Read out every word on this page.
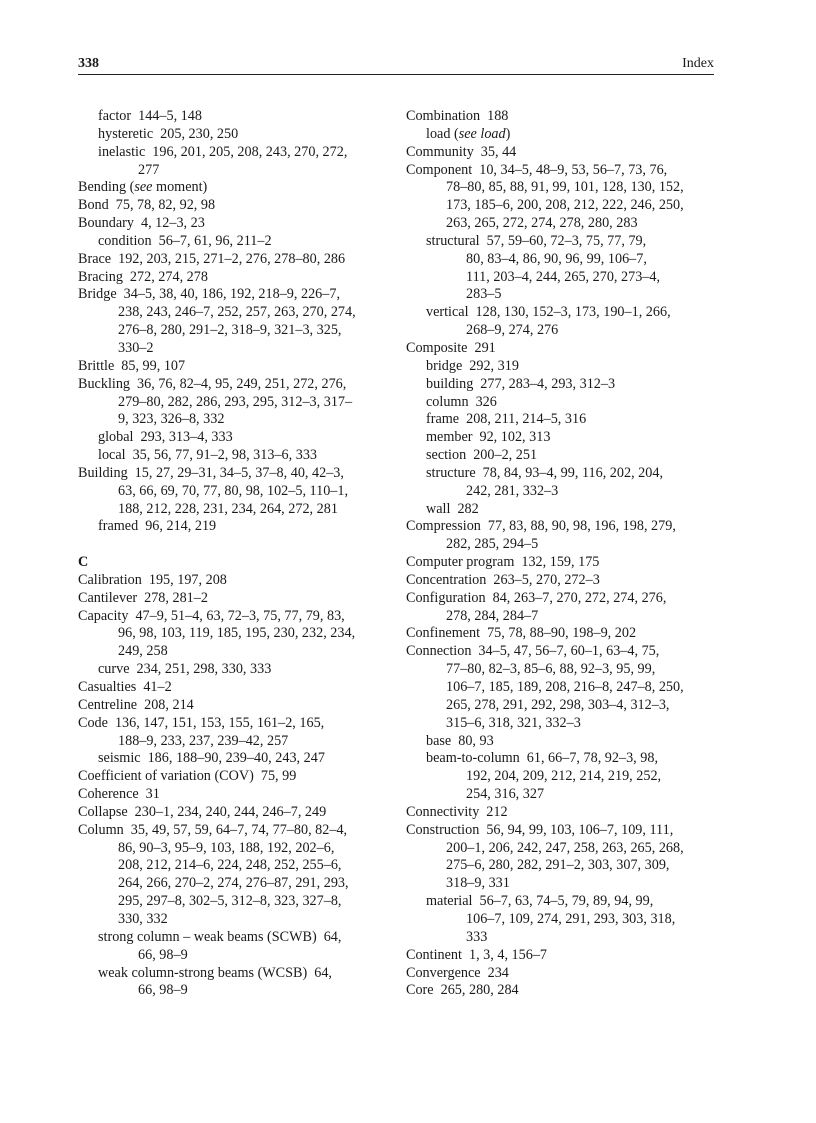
338	Index
factor 144–5, 148
hysteretic 205, 230, 250
inelastic 196, 201, 205, 208, 243, 270, 272,
277
Bending (see moment)
Bond 75, 78, 82, 92, 98
Boundary 4, 12–3, 23
condition 56–7, 61, 96, 211–2
Brace 192, 203, 215, 271–2, 276, 278–80, 286
Bracing 272, 274, 278
Bridge 34–5, 38, 40, 186, 192, 218–9, 226–7,
238, 243, 246–7, 252, 257, 263, 270, 274,
276–8, 280, 291–2, 318–9, 321–3, 325,
330–2
Brittle 85, 99, 107
Buckling 36, 76, 82–4, 95, 249, 251, 272, 276,
279–80, 282, 286, 293, 295, 312–3, 317–
9, 323, 326–8, 332
global 293, 313–4, 333
local 35, 56, 77, 91–2, 98, 313–6, 333
Building 15, 27, 29–31, 34–5, 37–8, 40, 42–3,
63, 66, 69, 70, 77, 80, 98, 102–5, 110–1,
188, 212, 228, 231, 234, 264, 272, 281
framed 96, 214, 219
C
Calibration 195, 197, 208
Cantilever 278, 281–2
Capacity 47–9, 51–4, 63, 72–3, 75, 77, 79, 83,
96, 98, 103, 119, 185, 195, 230, 232, 234,
249, 258
curve 234, 251, 298, 330, 333
Casualties 41–2
Centreline 208, 214
Code 136, 147, 151, 153, 155, 161–2, 165,
188–9, 233, 237, 239–42, 257
seismic 186, 188–90, 239–40, 243, 247
Coefficient of variation (COV) 75, 99
Coherence 31
Collapse 230–1, 234, 240, 244, 246–7, 249
Column 35, 49, 57, 59, 64–7, 74, 77–80, 82–4,
86, 90–3, 95–9, 103, 188, 192, 202–6,
208, 212, 214–6, 224, 248, 252, 255–6,
264, 266, 270–2, 274, 276–87, 291, 293,
295, 297–8, 302–5, 312–8, 323, 327–8,
330, 332
strong column – weak beams (SCWB) 64,
66, 98–9
weak column-strong beams (WCSB) 64,
66, 98–9
Combination 188
load (see load)
Community 35, 44
Component 10, 34–5, 48–9, 53, 56–7, 73, 76,
78–80, 85, 88, 91, 99, 101, 128, 130, 152,
173, 185–6, 200, 208, 212, 222, 246, 250,
263, 265, 272, 274, 278, 280, 283
structural 57, 59–60, 72–3, 75, 77, 79,
80, 83–4, 86, 90, 96, 99, 106–7,
111, 203–4, 244, 265, 270, 273–4,
283–5
vertical 128, 130, 152–3, 173, 190–1, 266,
268–9, 274, 276
Composite 291
bridge 292, 319
building 277, 283–4, 293, 312–3
column 326
frame 208, 211, 214–5, 316
member 92, 102, 313
section 200–2, 251
structure 78, 84, 93–4, 99, 116, 202, 204,
242, 281, 332–3
wall 282
Compression 77, 83, 88, 90, 98, 196, 198, 279,
282, 285, 294–5
Computer program 132, 159, 175
Concentration 263–5, 270, 272–3
Configuration 84, 263–7, 270, 272, 274, 276,
278, 284, 284–7
Confinement 75, 78, 88–90, 198–9, 202
Connection 34–5, 47, 56–7, 60–1, 63–4, 75,
77–80, 82–3, 85–6, 88, 92–3, 95, 99,
106–7, 185, 189, 208, 216–8, 247–8, 250,
265, 278, 291, 292, 298, 303–4, 312–3,
315–6, 318, 321, 332–3
base 80, 93
beam-to-column 61, 66–7, 78, 92–3, 98,
192, 204, 209, 212, 214, 219, 252,
254, 316, 327
Connectivity 212
Construction 56, 94, 99, 103, 106–7, 109, 111,
200–1, 206, 242, 247, 258, 263, 265, 268,
275–6, 280, 282, 291–2, 303, 307, 309,
318–9, 331
material 56–7, 63, 74–5, 79, 89, 94, 99,
106–7, 109, 274, 291, 293, 303, 318,
333
Continent 1, 3, 4, 156–7
Convergence 234
Core 265, 280, 284
